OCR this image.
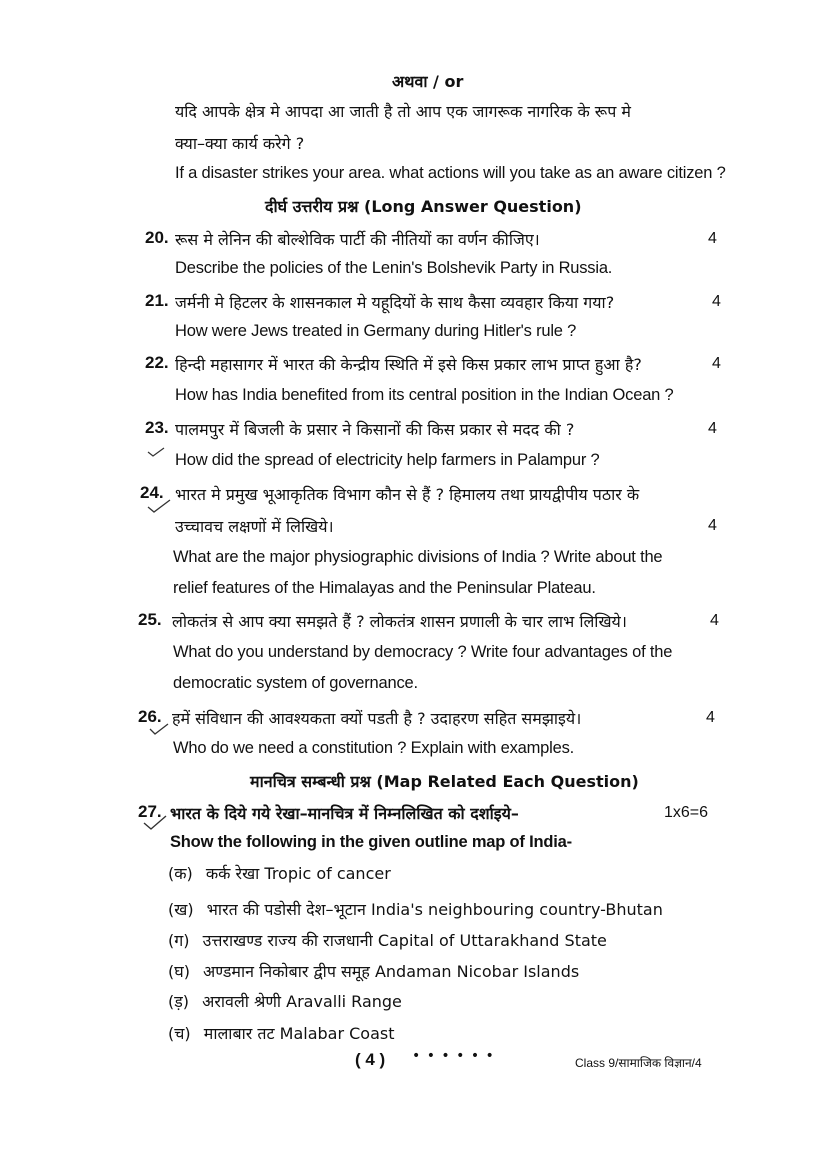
अथवा / or
यदि आपके क्षेत्र मे आपदा आ जाती है तो आप एक जागरूक नागरिक के रूप मे
क्या–क्या कार्य करेगे ?
If a disaster strikes your area. what actions will you take as an aware citizen ?
दीर्घ उत्तरीय प्रश्न (Long Answer Question)
20. रूस मे लेनिन की बोल्शेविक पार्टी की नीतियों का वर्णन कीजिए।	4
Describe the policies of the Lenin's Bolshevik Party in Russia.
21. जर्मनी मे हिटलर के शासनकाल मे यहूदियों के साथ कैसा व्यवहार किया गया?	4
How were Jews treated in Germany during Hitler's rule ?
22. हिन्दी महासागर में भारत की केन्द्रीय स्थिति में इसे किस प्रकार लाभ प्राप्त हुआ है?	4
How has India benefited from its central position in the Indian Ocean ?
23. पालमपुर में बिजली के प्रसार ने किसानों की किस प्रकार से मदद की ?	4
How did the spread of electricity help farmers in Palampur ?
24. भारत मे प्रमुख भूआकृतिक विभाग कौन से हैं ? हिमालय तथा प्रायद्वीपीय पठार के
उच्चावच लक्षणों में लिखिये।	4
What are the major physiographic divisions of India ? Write about the
relief features of the Himalayas and the Peninsular Plateau.
25. लोकतंत्र से आप क्या समझते हैं ? लोकतंत्र शासन प्रणाली के चार लाभ लिखिये।	4
What do you understand by democracy ? Write four advantages of the
democratic system of governance.
26. हमें संविधान की आवश्यकता क्यों पडती है ? उदाहरण सहित समझाइये।	4
Who do we need a constitution ? Explain with examples.
मानचित्र सम्बन्धी प्रश्न (Map Related Each Question)
27. भारत के दिये गये रेखा–मानचित्र में निम्नलिखित को दर्शाइये–	1x6=6
Show the following in the given outline map of India-
(क) कर्क रेखा Tropic of cancer
(ख) भारत की पडोसी देश–भूटान India's neighbouring country-Bhutan
(ग) उत्तराखण्ड राज्य की राजधानी Capital of Uttarakhand State
(घ) अण्डमान निकोबार द्वीप समूह Andaman Nicobar Islands
(ड़) अरावली श्रेणी Aravalli Range
(च) मालाबार तट Malabar Coast
( 4 ) • • • • • •	Class 9/सामाजिक विज्ञान/4
